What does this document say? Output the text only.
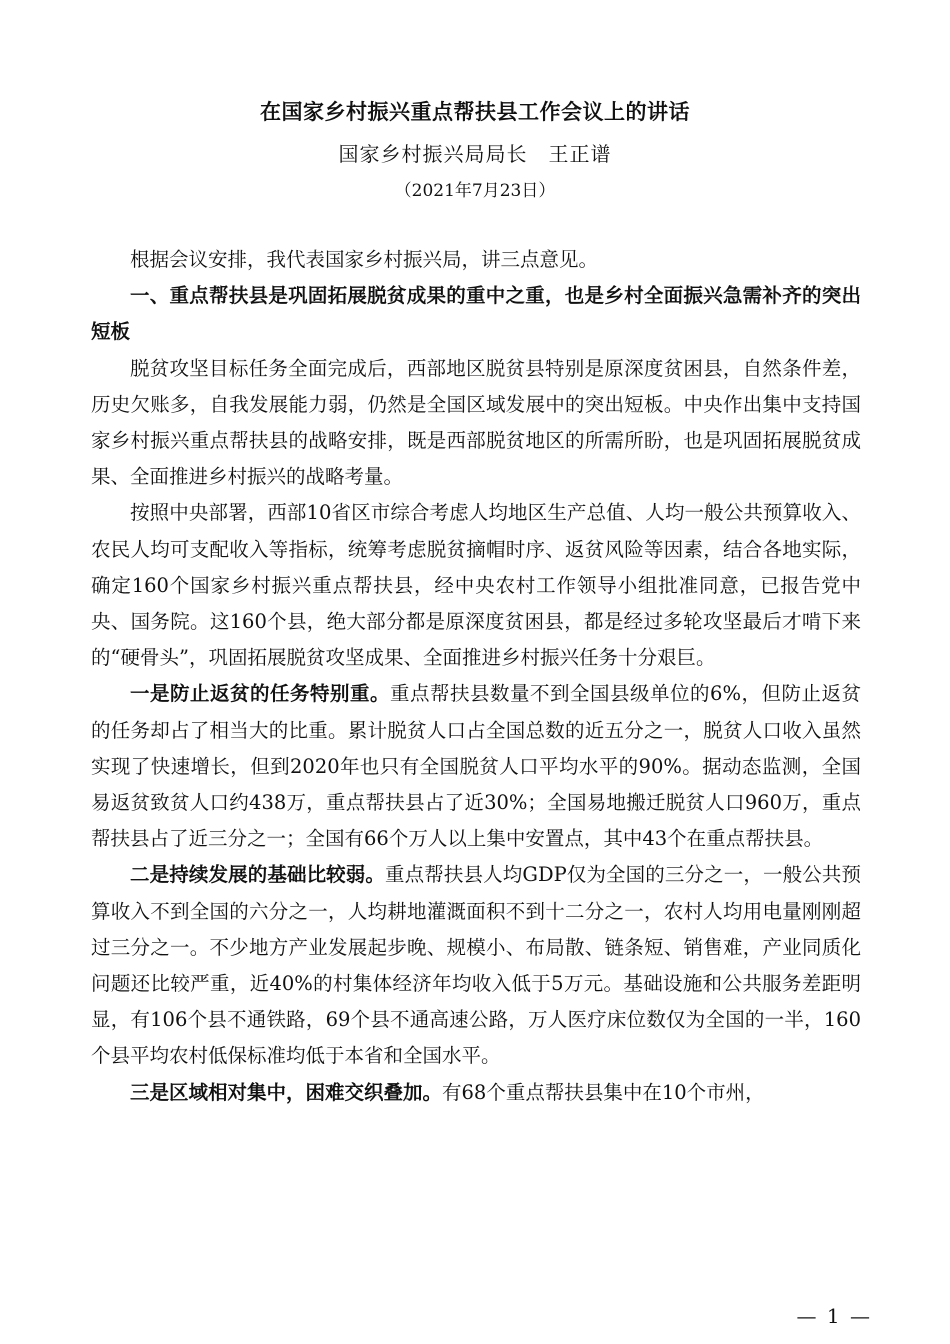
在国家乡村振兴重点帮扶县工作会议上的讲话
国家乡村振兴局局长　王正谱
（2021年7月23日）

根据会议安排，我代表国家乡村振兴局，讲三点意见。

一、重点帮扶县是巩固拓展脱贫成果的重中之重，也是乡村全面振兴急需补齐的突出短板

脱贫攻坚目标任务全面完成后，西部地区脱贫县特别是原深度贫困县，自然条件差，历史欠账多，自我发展能力弱，仍然是全国区域发展中的突出短板。中央作出集中支持国家乡村振兴重点帮扶县的战略安排，既是西部脱贫地区的所需所盼，也是巩固拓展脱贫成果、全面推进乡村振兴的战略考量。

按照中央部署，西部10省区市综合考虑人均地区生产总值、人均一般公共预算收入、农民人均可支配收入等指标，统筹考虑脱贫摘帽时序、返贫风险等因素，结合各地实际，确定160个国家乡村振兴重点帮扶县，经中央农村工作领导小组批准同意，已报告党中央、国务院。这160个县，绝大部分都是原深度贫困县，都是经过多轮攻坚最后才啃下来的“硬骨头”，巩固拓展脱贫攻坚成果、全面推进乡村振兴任务十分艰巨。

一是防止返贫的任务特别重。重点帮扶县数量不到全国县级单位的6%，但防止返贫的任务却占了相当大的比重。累计脱贫人口占全国总数的近五分之一，脱贫人口收入虽然实现了快速增长，但到2020年也只有全国脱贫人口平均水平的90%。据动态监测，全国易返贫致贫人口约438万，重点帮扶县占了近30%；全国易地搬迁脱贫人口960万，重点帮扶县占了近三分之一；全国有66个万人以上集中安置点，其中43个在重点帮扶县。

二是持续发展的基础比较弱。重点帮扶县人均GDP仅为全国的三分之一，一般公共预算收入不到全国的六分之一，人均耕地灌溉面积不到十二分之一，农村人均用电量刚刚超过三分之一。不少地方产业发展起步晚、规模小、布局散、链条短、销售难，产业同质化问题还比较严重，近40%的村集体经济年均收入低于5万元。基础设施和公共服务差距明显，有106个县不通铁路，69个县不通高速公路，万人医疗床位数仅为全国的一半，160个县平均农村低保标准均低于本省和全国水平。

三是区域相对集中，困难交织叠加。有68个重点帮扶县集中在10个市州，

— 1 —
